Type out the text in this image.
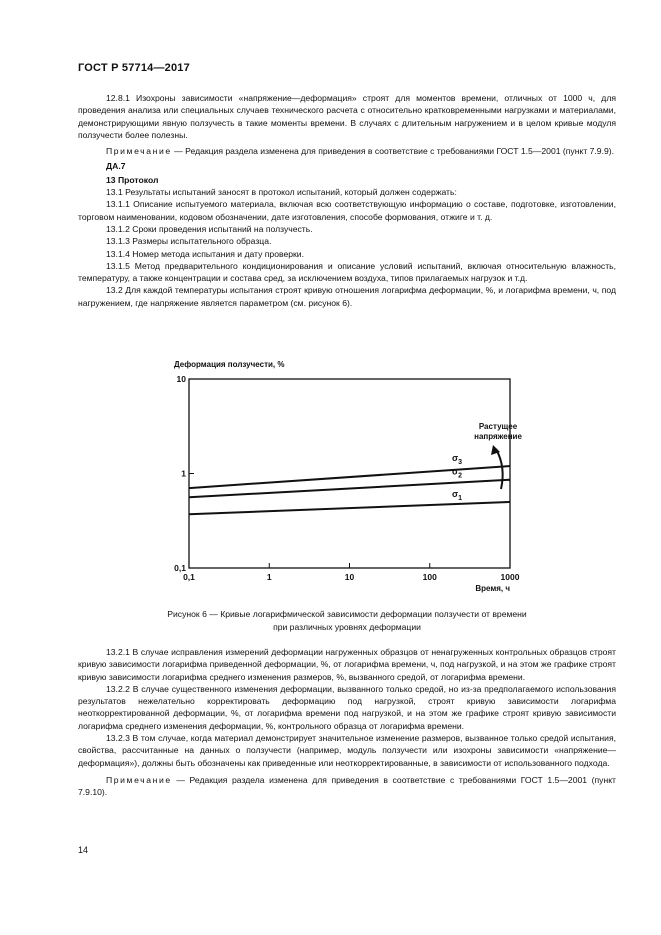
ГОСТ Р 57714—2017

12.8.1 Изохроны зависимости «напряжение—деформация» строят для моментов времени, отличных от 1000 ч, для проведения анализа или специальных случаев технического расчета с относительно кратковременными нагрузками и материалами, демонстрирующими явную ползучесть в такие моменты времени. В случаях с длительным нагружением и в целом кривые модуля ползучести более полезны.

Примечание — Редакция раздела изменена для приведения в соответствие с требованиями ГОСТ 1.5—2001 (пункт 7.9.9).

ДА.7

13 Протокол

13.1 Результаты испытаний заносят в протокол испытаний, который должен содержать:

13.1.1 Описание испытуемого материала, включая всю соответствующую информацию о составе, подготовке, изготовлении, торговом наименовании, кодовом обозначении, дате изготовления, способе формования, отжиге и т. д.

13.1.2 Сроки проведения испытаний на ползучесть.

13.1.3 Размеры испытательного образца.

13.1.4 Номер метода испытания и дату проверки.

13.1.5 Метод предварительного кондиционирования и описание условий испытаний, включая относительную влажность, температуру, а также концентрации и состава сред, за исключением воздуха, типов прилагаемых нагрузок и т.д.

13.2 Для каждой температуры испытания строят кривую отношения логарифма деформации, %, и логарифма времени, ч, под нагружением, где напряжение является параметром (см. рисунок 6).

0,1	1	10	100	1000
0,1
1
10
Деформация ползучести, %
Время, ч
$\sigma_3$
$\sigma_2$
$\sigma_1$
Растущее
напряжение
Рисунок 6 — Кривые логарифмической зависимости деформации ползучести от времени
при различных уровнях деформации

13.2.1 В случае исправления измерений деформации нагруженных образцов от ненагруженных контрольных образцов строят кривую зависимости логарифма приведенной деформации, %, от логарифма времени, ч, под нагрузкой, и на этом же графике строят кривую зависимости логарифма среднего изменения размеров, %, вызванного средой, от логарифма времени.

13.2.2 В случае существенного изменения деформации, вызванного только средой, но из-за предполагаемого использования результатов нежелательно корректировать деформацию под нагрузкой, строят кривую зависимости логарифма неоткорректированной деформации, %, от логарифма времени под нагрузкой, и на этом же графике строят кривую зависимости логарифма среднего изменения деформации, %, контрольного образца от логарифма времени.

13.2.3 В том случае, когда материал демонстрирует значительное изменение размеров, вызванное только средой испытания, свойства, рассчитанные на данных о ползучести (например, модуль ползучести или изохроны зависимости «напряжение—деформация»), должны быть обозначены как приведенные или неоткорректированные, в зависимости от использованного подхода.

Примечание — Редакция раздела изменена для приведения в соответствие с требованиями ГОСТ 1.5—2001 (пункт 7.9.10).

14
